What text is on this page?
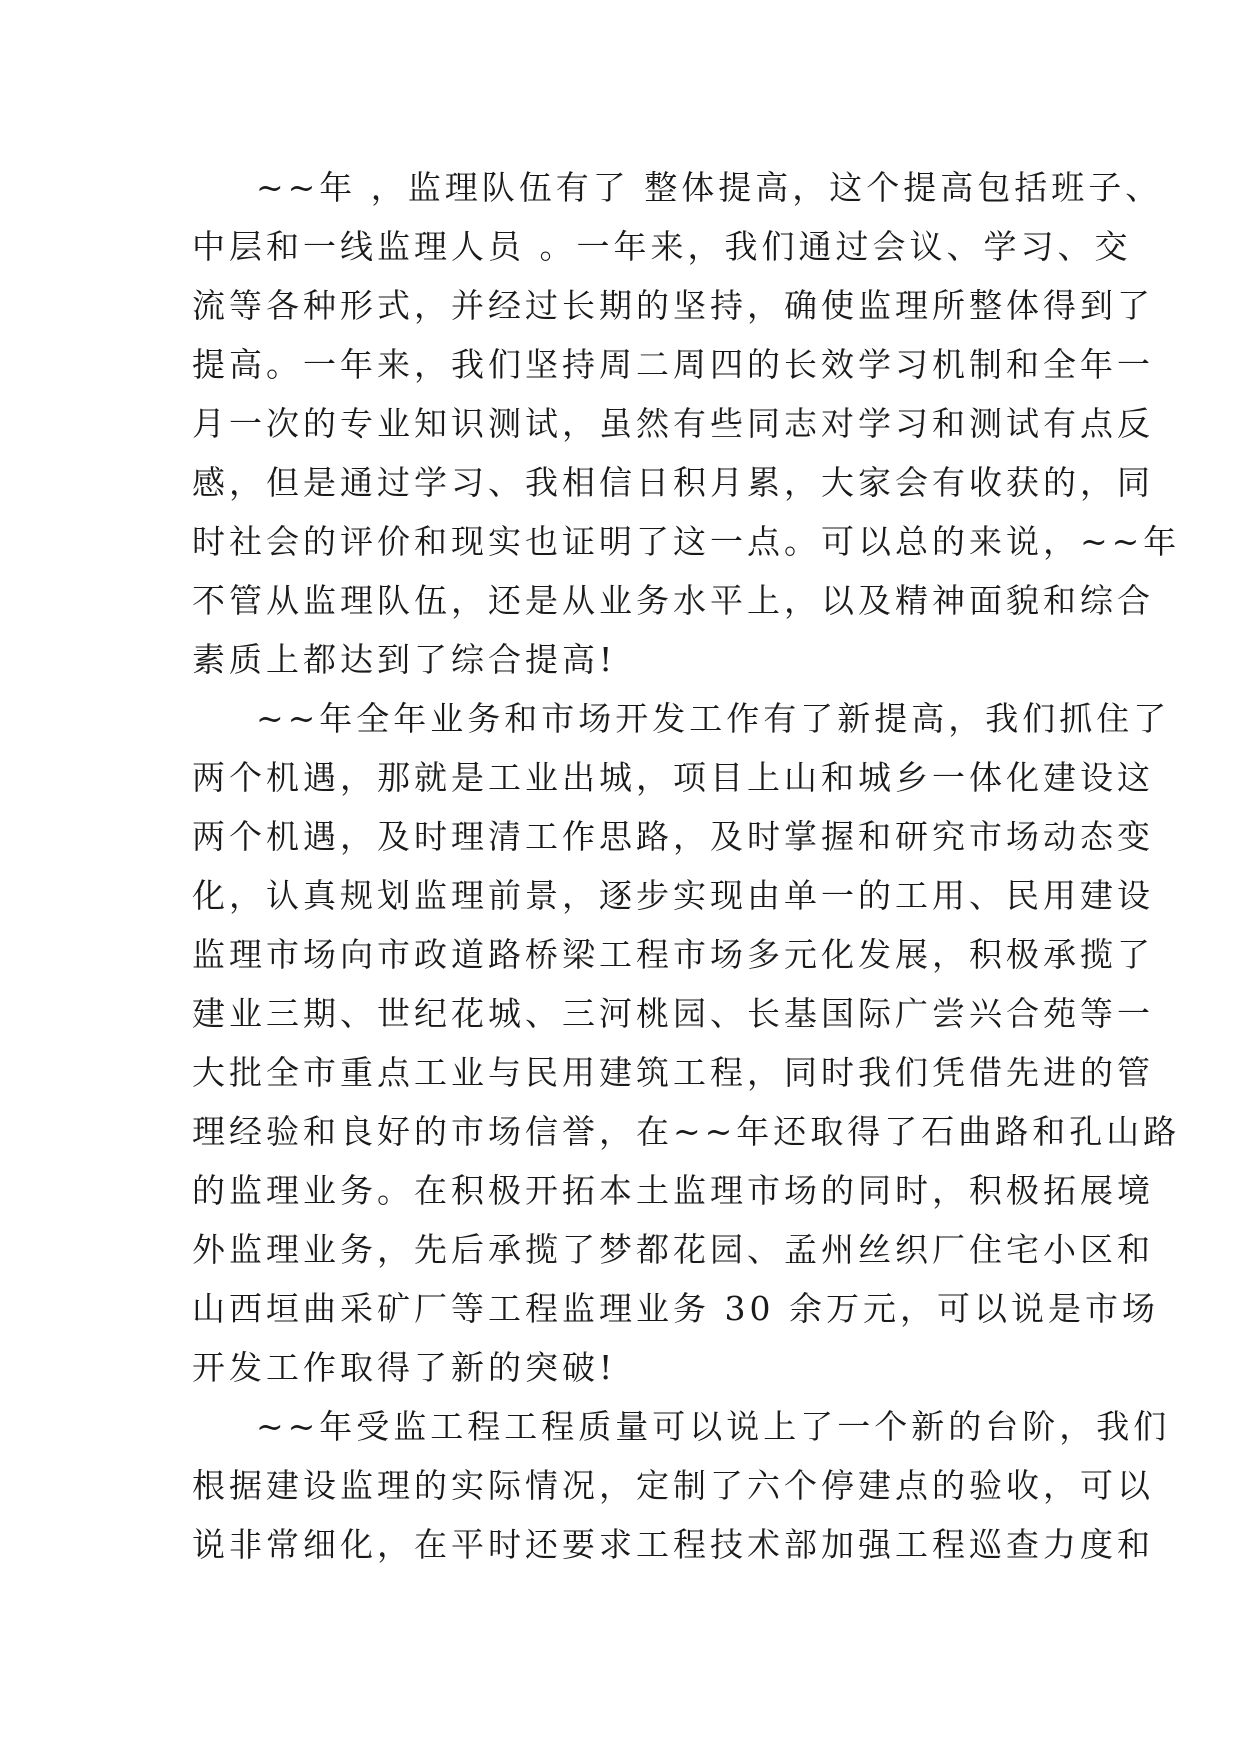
~~年 ，监理队伍有了 整体提高，这个提高包括班子、
中层和一线监理人员 。一年来，我们通过会议、学习、交
流等各种形式，并经过长期的坚持，确使监理所整体得到了
提高。一年来，我们坚持周二周四的长效学习机制和全年一
月一次的专业知识测试，虽然有些同志对学习和测试有点反
感，但是通过学习、我相信日积月累，大家会有收获的，同
时社会的评价和现实也证明了这一点。可以总的来说，~~年
不管从监理队伍，还是从业务水平上，以及精神面貌和综合
素质上都达到了综合提高!
~~年全年业务和市场开发工作有了新提高，我们抓住了
两个机遇，那就是工业出城，项目上山和城乡一体化建设这
两个机遇，及时理清工作思路，及时掌握和研究市场动态变
化，认真规划监理前景，逐步实现由单一的工用、民用建设
监理市场向市政道路桥梁工程市场多元化发展，积极承揽了
建业三期、世纪花城、三河桃园、长基国际广尝兴合苑等一
大批全市重点工业与民用建筑工程，同时我们凭借先进的管
理经验和良好的市场信誉，在~~年还取得了石曲路和孔山路
的监理业务。在积极开拓本土监理市场的同时，积极拓展境
外监理业务，先后承揽了梦都花园、孟州丝织厂住宅小区和
山西垣曲采矿厂等工程监理业务 30 余万元，可以说是市场
开发工作取得了新的突破!
~~年受监工程工程质量可以说上了一个新的台阶，我们
根据建设监理的实际情况，定制了六个停建点的验收，可以
说非常细化，在平时还要求工程技术部加强工程巡查力度和
